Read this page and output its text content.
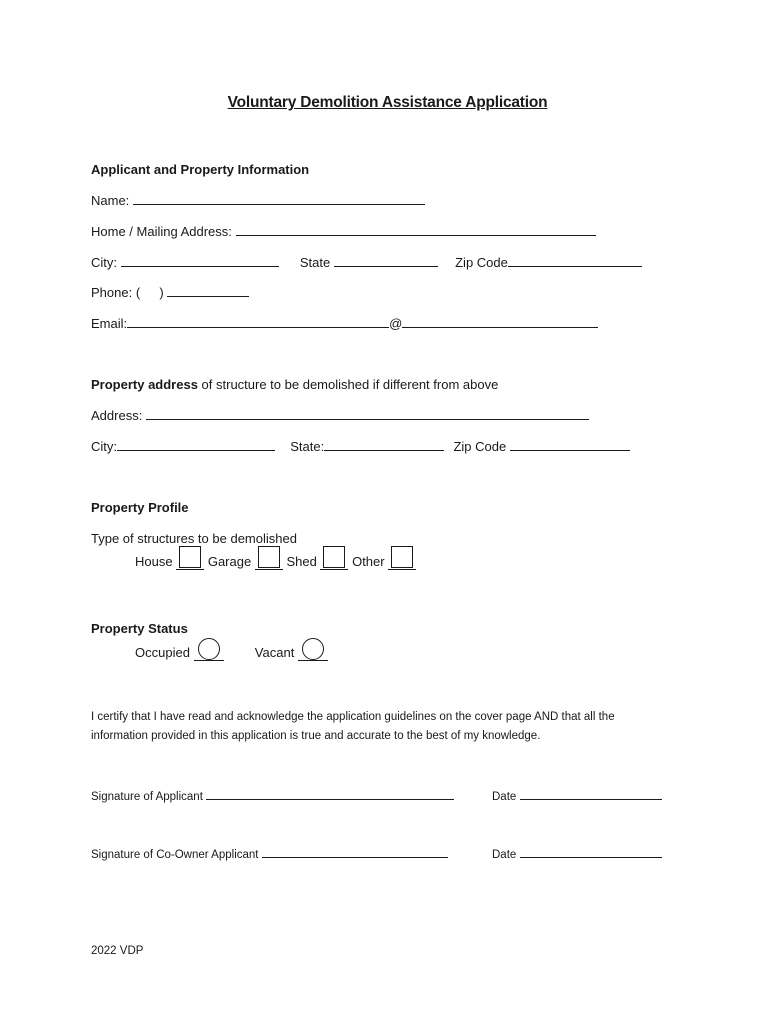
Voluntary Demolition Assistance Application
Applicant and Property Information
Name:
Home / Mailing Address:
City:	State	Zip Code
Phone: ( )
Email:	@
Property address of structure to be demolished if different from above
Address:
City:	State:	Zip Code
Property Profile
Type of structures to be demolished
House	Garage	Shed	Other
Property Status
Occupied	Vacant
I certify that I have read and acknowledge the application guidelines on the cover page AND that all the
information provided in this application is true and accurate to the best of my knowledge.
Signature of Applicant	Date
Signature of Co-Owner Applicant	Date
2022 VDP
